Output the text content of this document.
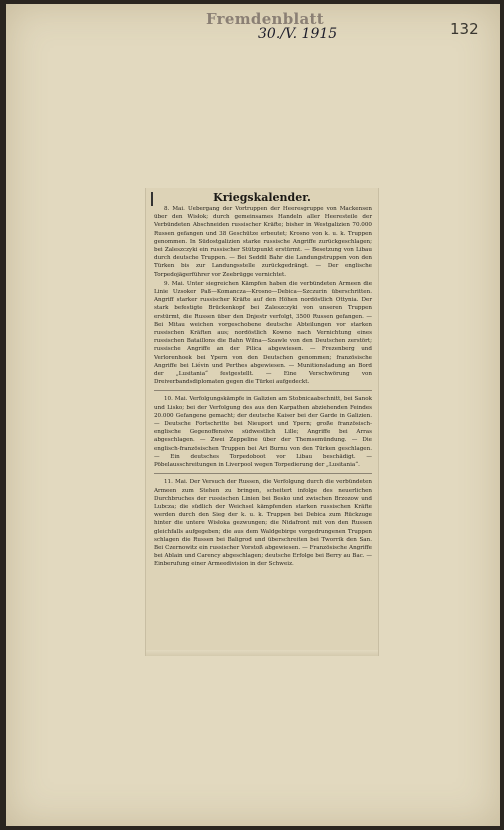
Fremdenblatt
30./V. 1915	132
Kriegskalender.

8. Mai. Uebergang der Vortruppen der Heeresgruppe von Mackensen über den Wisłok; durch gemeinsames Handeln aller Heeresteile der Verbündeten Abschneiden russischer Kräfte; bisher in Westgalizien 70.000 Russen gefangen und 38 Geschütze erbeutet; Krosno von k. u. k. Truppen genommen. In Südostgalizien starke russische Angriffe zurückgeschlagen; bei Zaleszczyki ein russischer Stützpunkt erstürmt. — Besetzung von Libau durch deutsche Truppen. — Bei Seddil Bahr die Landungstruppen von den Türken bis zur Landungsstelle zurückgedrängt. — Der englische Torpedojägerführer vor Zeebrügge vernichtet.

9. Mai. Unter siegreichen Kämpfen haben die verbündeten Armeen die Linie Uzsoker Paß—Komancza—Krosno—Debica—Szczurin überschritten. Angriff starker russischer Kräfte auf den Höhen nordöstlich Ottynia. Der stark befestigte Brückenkopf bei Zaleszczyki von unseren Truppen erstürmt, die Russen über den Dnjestr verfolgt, 3500 Russen gefangen. — Bei Mitau weichen vorgeschobene deutsche Abteilungen vor starken russischen Kräften aus; nordöstlich Kowno nach Vernichtung eines russischen Bataillons die Bahn Wilna—Szawle von den Deutschen zerstört; russische Angriffe an der Pilica abgewiesen. — Frezenberg und Verlorenhoek bei Ypern von den Deutschen genommen; französische Angriffe bei Liévin und Perthes abgewiesen. — Munitionsladung an Bord der „Lusitania“ festgestellt. — Eine Verschwörung von Dreiverbandsdiplomaten gegen die Türkei aufgedeckt.

10. Mai. Verfolgungskämpfe in Galizien am Stobnicaabschnitt, bei Sanok und Lisko; bei der Verfolgung des aus den Karpathen abziehenden Feindes 20.000 Gefangene gemacht; der deutsche Kaiser bei der Garde in Galizien. — Deutsche Fortschritte bei Nieuport und Ypern; große französisch-englische Gegenoffensive südwestlich Lille; Angriffe bei Arras abgeschlagen. — Zwei Zeppeline über der Themsemündung. — Die englisch-französischen Truppen bei Ari Burnu von den Türken geschlagen. — Ein deutsches Torpedoboot vor Libau beschädigt. — Pöbelausschreitungen in Liverpool wegen Torpedierung der „Lusitania“.

11. Mai. Der Versuch der Russen, die Verfolgung durch die verbündeten Armeen zum Stehen zu bringen, scheitert infolge des neuerlichen Durchbruches der russischen Linien bei Besko und zwischen Brzozow und Lubcza; die südlich der Weichsel kämpfenden starken russischen Kräfte werden durch den Sieg der k. u. k. Truppen bei Debica zum Rückzuge hinter die untere Wisłoka gezwungen; die Nidafront mit von den Russen gleichfalls aufgegeben; die aus dem Waldgebirge vorgedrungenen Truppen schlagen die Russen bei Baligrod und überschreiten bei Tworrik den San. Bei Czernowitz ein russischer Vorstoß abgewiesen. — Französische Angriffe bei Ablain und Carency abgeschlagen; deutsche Erfolge bei Berry au Bac. — Einberufung einer Armeedivision in der Schweiz.
